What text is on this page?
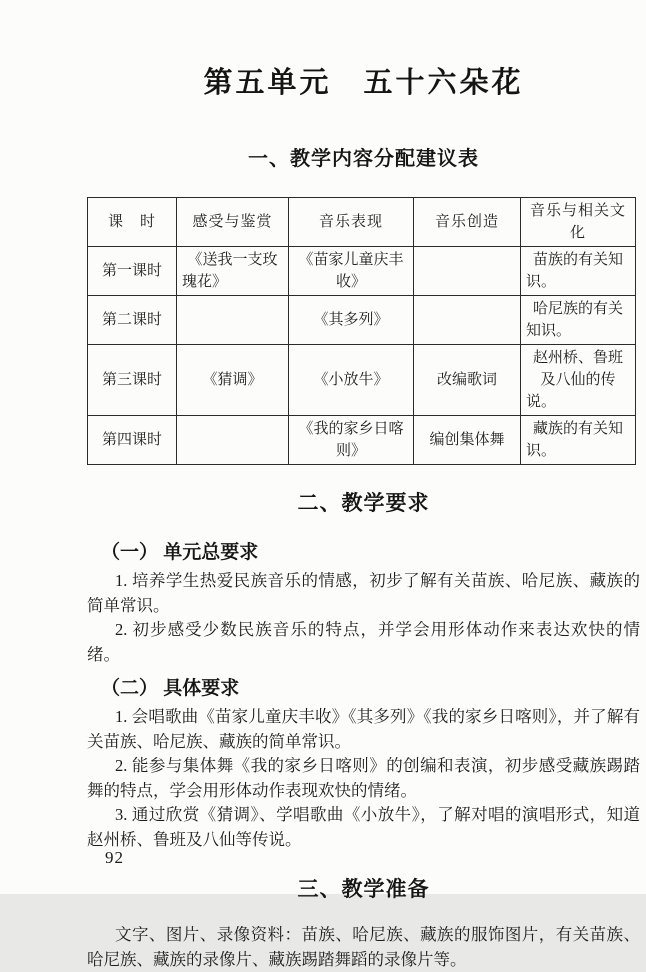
第五单元　五十六朵花
一、教学内容分配建议表
课　时	感受与鉴赏	音乐表现	音乐创造	音乐与相关文化
第一课时	《送我一支玫瑰花》	《苗家儿童庆丰收》		苗族的有关知识。
第二课时		《其多列》		哈尼族的有关知识。
第三课时	《猜调》	《小放牛》	改编歌词	赵州桥、鲁班及八仙的传说。
第四课时		《我的家乡日喀则》	编创集体舞	藏族的有关知识。
二、教学要求
（一） 单元总要求

1. 培养学生热爱民族音乐的情感，初步了解有关苗族、哈尼族、藏族的简单常识。

2. 初步感受少数民族音乐的特点，并学会用形体动作来表达欢快的情绪。

（二） 具体要求

1. 会唱歌曲《苗家儿童庆丰收》《其多列》《我的家乡日喀则》，并了解有关苗族、哈尼族、藏族的简单常识。

2. 能参与集体舞《我的家乡日喀则》的创编和表演，初步感受藏族踢踏舞的特点，学会用形体动作表现欢快的情绪。

3. 通过欣赏《猜调》、学唱歌曲《小放牛》，了解对唱的演唱形式，知道赵州桥、鲁班及八仙等传说。

三、教学准备

文字、图片、录像资料：苗族、哈尼族、藏族的服饰图片，有关苗族、哈尼族、藏族的录像片、藏族踢踏舞蹈的录像片等。

92
